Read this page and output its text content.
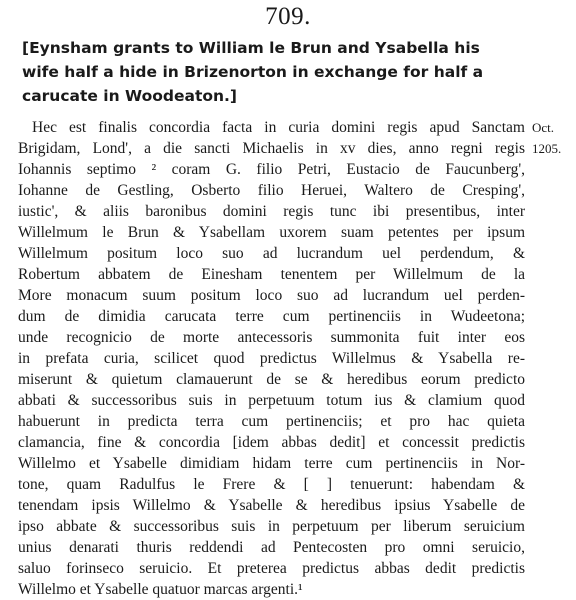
709.
[Eynsham grants to William le Brun and Ysabella his
wife half a hide in Brizenorton in exchange for half a
carucate in Woodeaton.]
Oct.
1205.
Hec est finalis concordia facta in curia domini regis apud Sanctam
Brigidam, Lond', a die sancti Michaelis in xv dies, anno regni regis
Iohannis septimo ² coram G. filio Petri, Eustacio de Faucunberg',
Iohanne de Gestling, Osberto filio Heruei, Waltero de Cresping',
iustic', & aliis baronibus domini regis tunc ibi presentibus, inter
Willelmum le Brun & Ysabellam uxorem suam petentes per ipsum
Willelmum positum loco suo ad lucrandum uel perdendum, &
Robertum abbatem de Einesham tenentem per Willelmum de la
More monacum suum positum loco suo ad lucrandum uel perden-
dum de dimidia carucata terre cum pertinenciis in Wudeetona;
unde recognicio de morte antecessoris summonita fuit inter eos
in prefata curia, scilicet quod predictus Willelmus & Ysabella re-
miserunt & quietum clamauerunt de se & heredibus eorum predicto
abbati & successoribus suis in perpetuum totum ius & clamium quod
habuerunt in predicta terra cum pertinenciis; et pro hac quieta
clamancia, fine & concordia [idem abbas dedit] et concessit predictis
Willelmo et Ysabelle dimidiam hidam terre cum pertinenciis in Nor-
tone, quam Radulfus le Frere & [ ] tenuerunt: habendam &
tenendam ipsis Willelmo & Ysabelle & heredibus ipsius Ysabelle de
ipso abbate & successoribus suis in perpetuum per liberum seruicium
unius denarati thuris reddendi ad Pentecosten pro omni seruicio,
saluo forinseco seruicio. Et preterea predictus abbas dedit predictis
Willelmo et Ysabelle quatuor marcas argenti.¹
